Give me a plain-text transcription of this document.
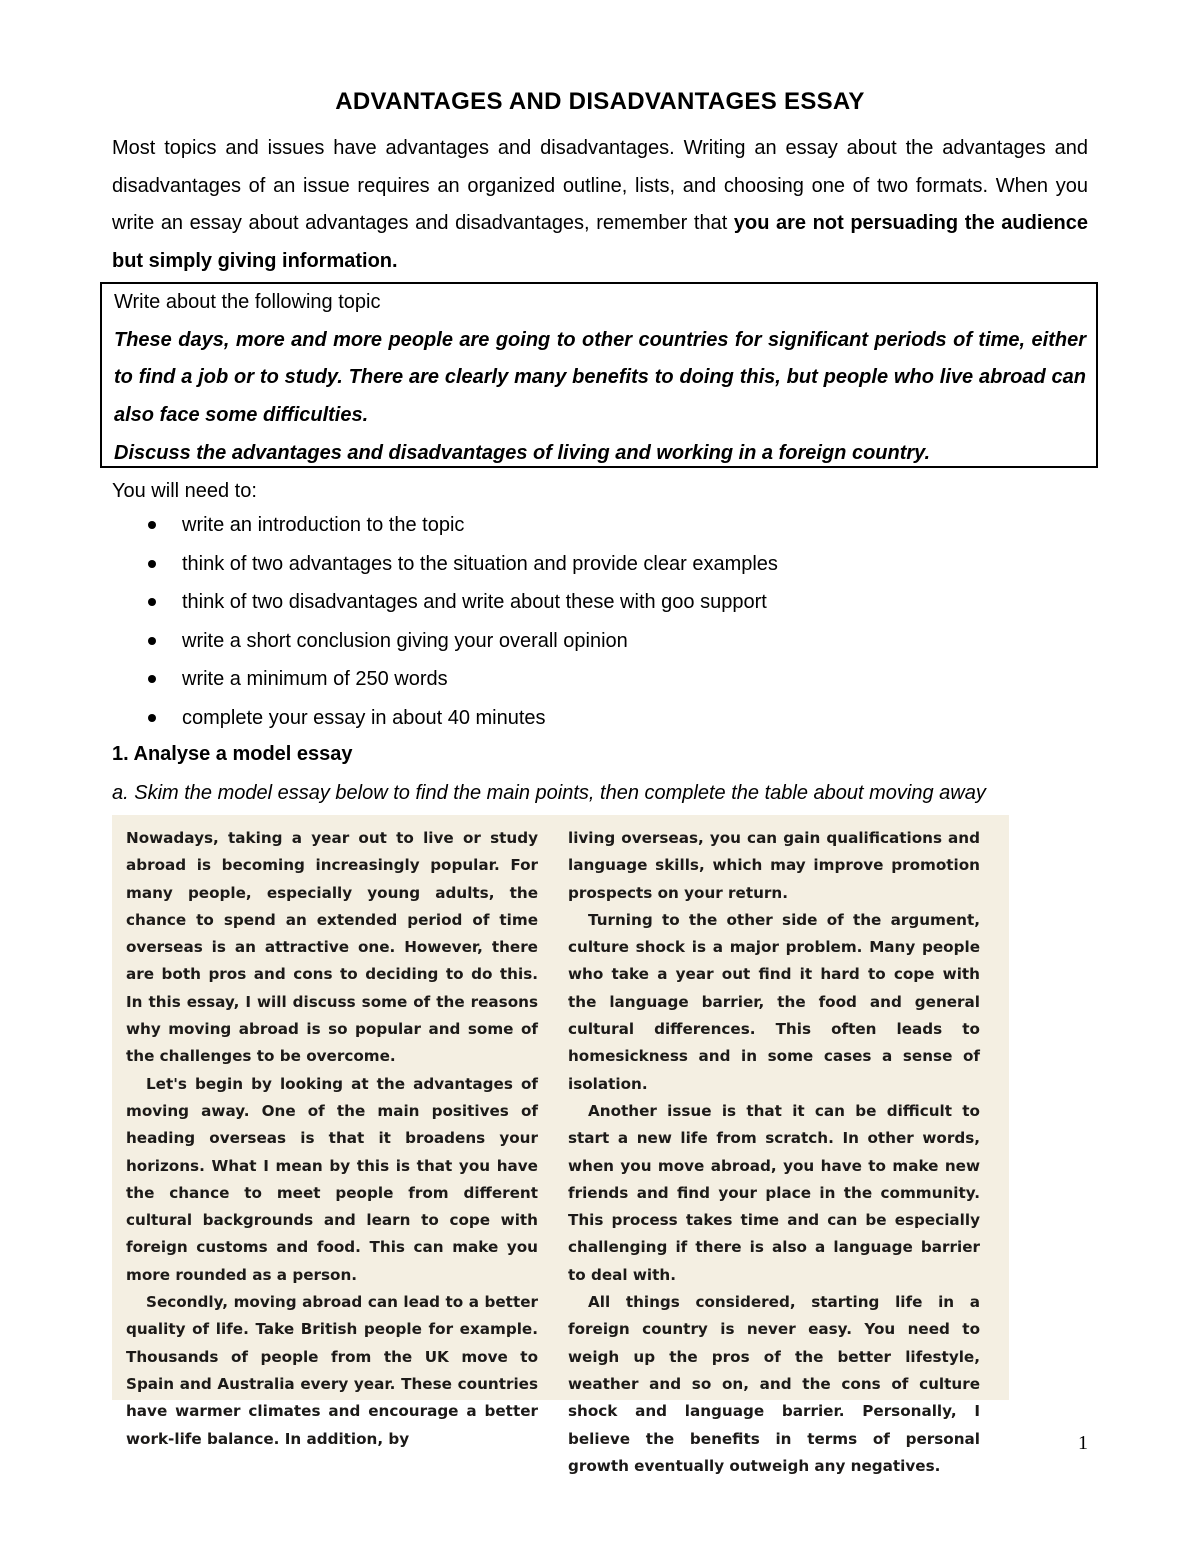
ADVANTAGES AND DISADVANTAGES ESSAY
Most topics and issues have advantages and disadvantages. Writing an essay about the advantages and disadvantages of an issue requires an organized outline, lists, and choosing one of two formats. When you write an essay about advantages and disadvantages, remember that you are not persuading the audience but simply giving information.
Write about the following topic

These days, more and more people are going to other countries for significant periods of time, either to find a job or to study. There are clearly many benefits to doing this, but people who live abroad can also face some difficulties.

Discuss the advantages and disadvantages of living and working in a foreign country.

You will need to:
write an introduction to the topic
think of two advantages to the situation and provide clear examples
think of two disadvantages and write about these with goo support
write a short conclusion giving your overall opinion
write a minimum of 250 words
complete your essay in about 40 minutes
1. Analyse a model essay
a. Skim the model essay below to find the main points, then complete the table about moving away

Nowadays, taking a year out to live or study abroad is becoming increasingly popular. For many people, especially young adults, the chance to spend an extended period of time overseas is an attractive one. However, there are both pros and cons to deciding to do this. In this essay, I will discuss some of the reasons why moving abroad is so popular and some of the challenges to be overcome.

Let's begin by looking at the advantages of moving away. One of the main positives of heading overseas is that it broadens your horizons. What I mean by this is that you have the chance to meet people from different cultural backgrounds and learn to cope with foreign customs and food. This can make you more rounded as a person.

Secondly, moving abroad can lead to a better quality of life. Take British people for example. Thousands of people from the UK move to Spain and Australia every year. These countries have warmer climates and encourage a better work-life balance. In addition, by

living overseas, you can gain qualifications and language skills, which may improve promotion prospects on your return.

Turning to the other side of the argument, culture shock is a major problem. Many people who take a year out find it hard to cope with the language barrier, the food and general cultural differences. This often leads to homesickness and in some cases a sense of isolation.

Another issue is that it can be difficult to start a new life from scratch. In other words, when you move abroad, you have to make new friends and find your place in the community. This process takes time and can be especially challenging if there is also a language barrier to deal with.

All things considered, starting life in a foreign country is never easy. You need to weigh up the pros of the better lifestyle, weather and so on, and the cons of culture shock and language barrier. Personally, I believe the benefits in terms of personal growth eventually outweigh any negatives.

1
